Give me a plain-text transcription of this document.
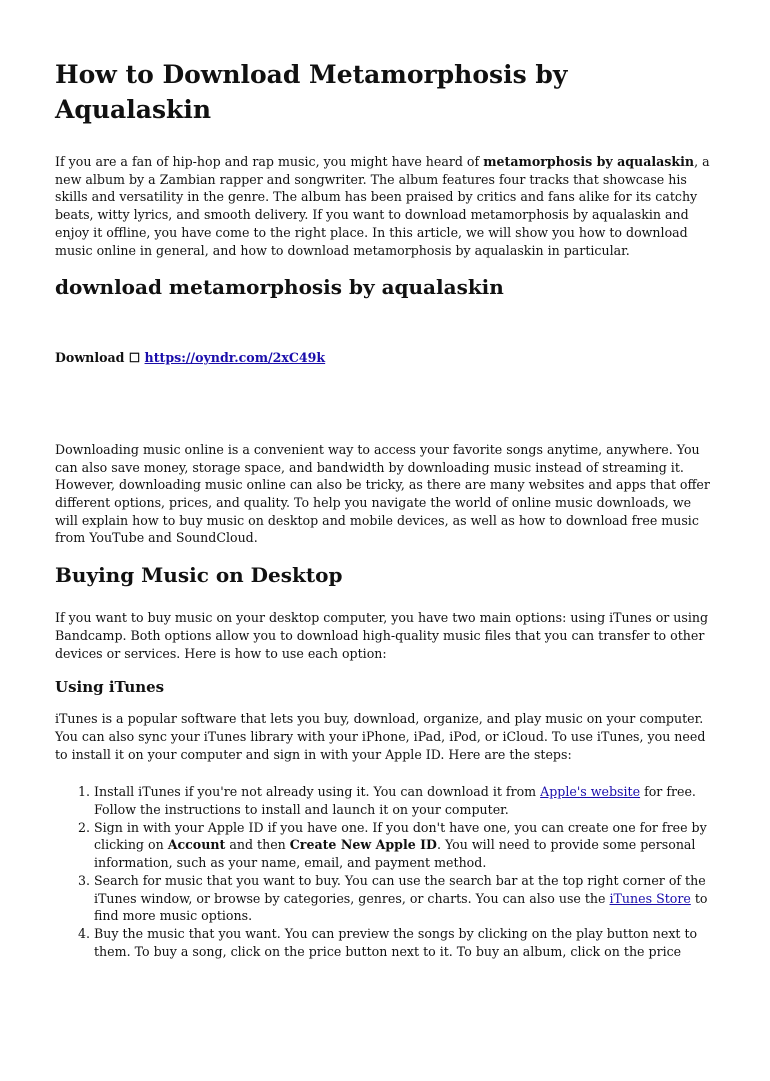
How to Download Metamorphosis by Aqualaskin

If you are a fan of hip-hop and rap music, you might have heard of metamorphosis by aqualaskin, a new album by a Zambian rapper and songwriter. The album features four tracks that showcase his skills and versatility in the genre. The album has been praised by critics and fans alike for its catchy beats, witty lyrics, and smooth delivery. If you want to download metamorphosis by aqualaskin and enjoy it offline, you have come to the right place. In this article, we will show you how to download music online in general, and how to download metamorphosis by aqualaskin in particular.

download metamorphosis by aqualaskin

Download ☐ https://oyndr.com/2xC49k

Downloading music online is a convenient way to access your favorite songs anytime, anywhere. You can also save money, storage space, and bandwidth by downloading music instead of streaming it. However, downloading music online can also be tricky, as there are many websites and apps that offer different options, prices, and quality. To help you navigate the world of online music downloads, we will explain how to buy music on desktop and mobile devices, as well as how to download free music from YouTube and SoundCloud.

Buying Music on Desktop

If you want to buy music on your desktop computer, you have two main options: using iTunes or using Bandcamp. Both options allow you to download high-quality music files that you can transfer to other devices or services. Here is how to use each option:

Using iTunes

iTunes is a popular software that lets you buy, download, organize, and play music on your computer. You can also sync your iTunes library with your iPhone, iPad, iPod, or iCloud. To use iTunes, you need to install it on your computer and sign in with your Apple ID. Here are the steps:

1. Install iTunes if you're not already using it. You can download it from Apple's website for free. Follow the instructions to install and launch it on your computer.
2. Sign in with your Apple ID if you have one. If you don't have one, you can create one for free by clicking on Account and then Create New Apple ID. You will need to provide some personal information, such as your name, email, and payment method.
3. Search for music that you want to buy. You can use the search bar at the top right corner of the iTunes window, or browse by categories, genres, or charts. You can also use the iTunes Store to find more music options.
4. Buy the music that you want. You can preview the songs by clicking on the play button next to them. To buy a song, click on the price button next to it. To buy an album, click on the price
